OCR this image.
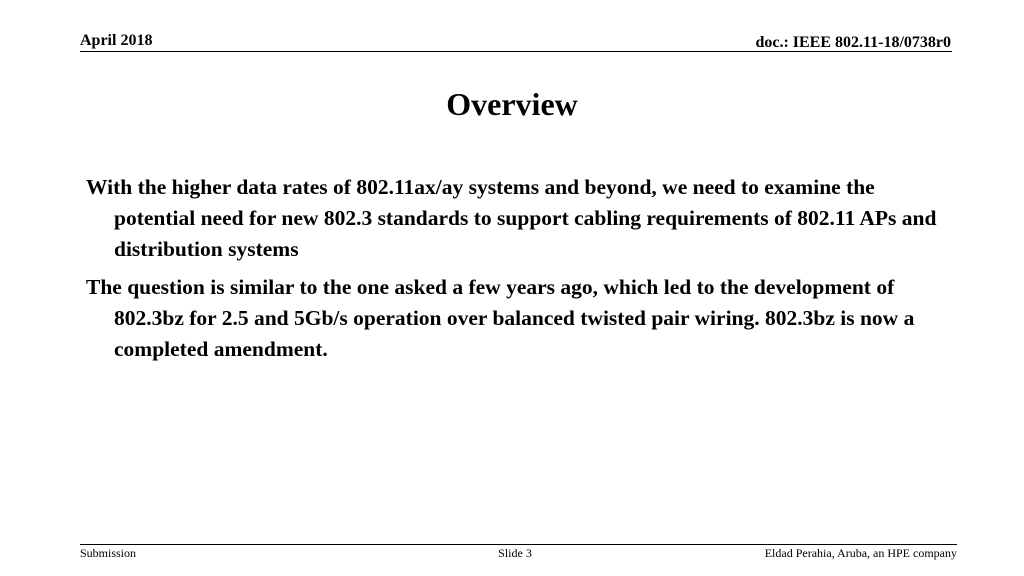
April 2018	doc.: IEEE 802.11-18/0738r0
Overview
With the higher data rates of 802.11ax/ay systems and beyond, we need to examine the potential need for new 802.3 standards to support cabling requirements of 802.11 APs and distribution systems
The question is similar to the one asked a few years ago, which led to the development of 802.3bz for 2.5 and 5Gb/s operation over balanced twisted pair wiring. 802.3bz is now a completed amendment.
Submission	Slide 3	Eldad Perahia, Aruba, an HPE company
